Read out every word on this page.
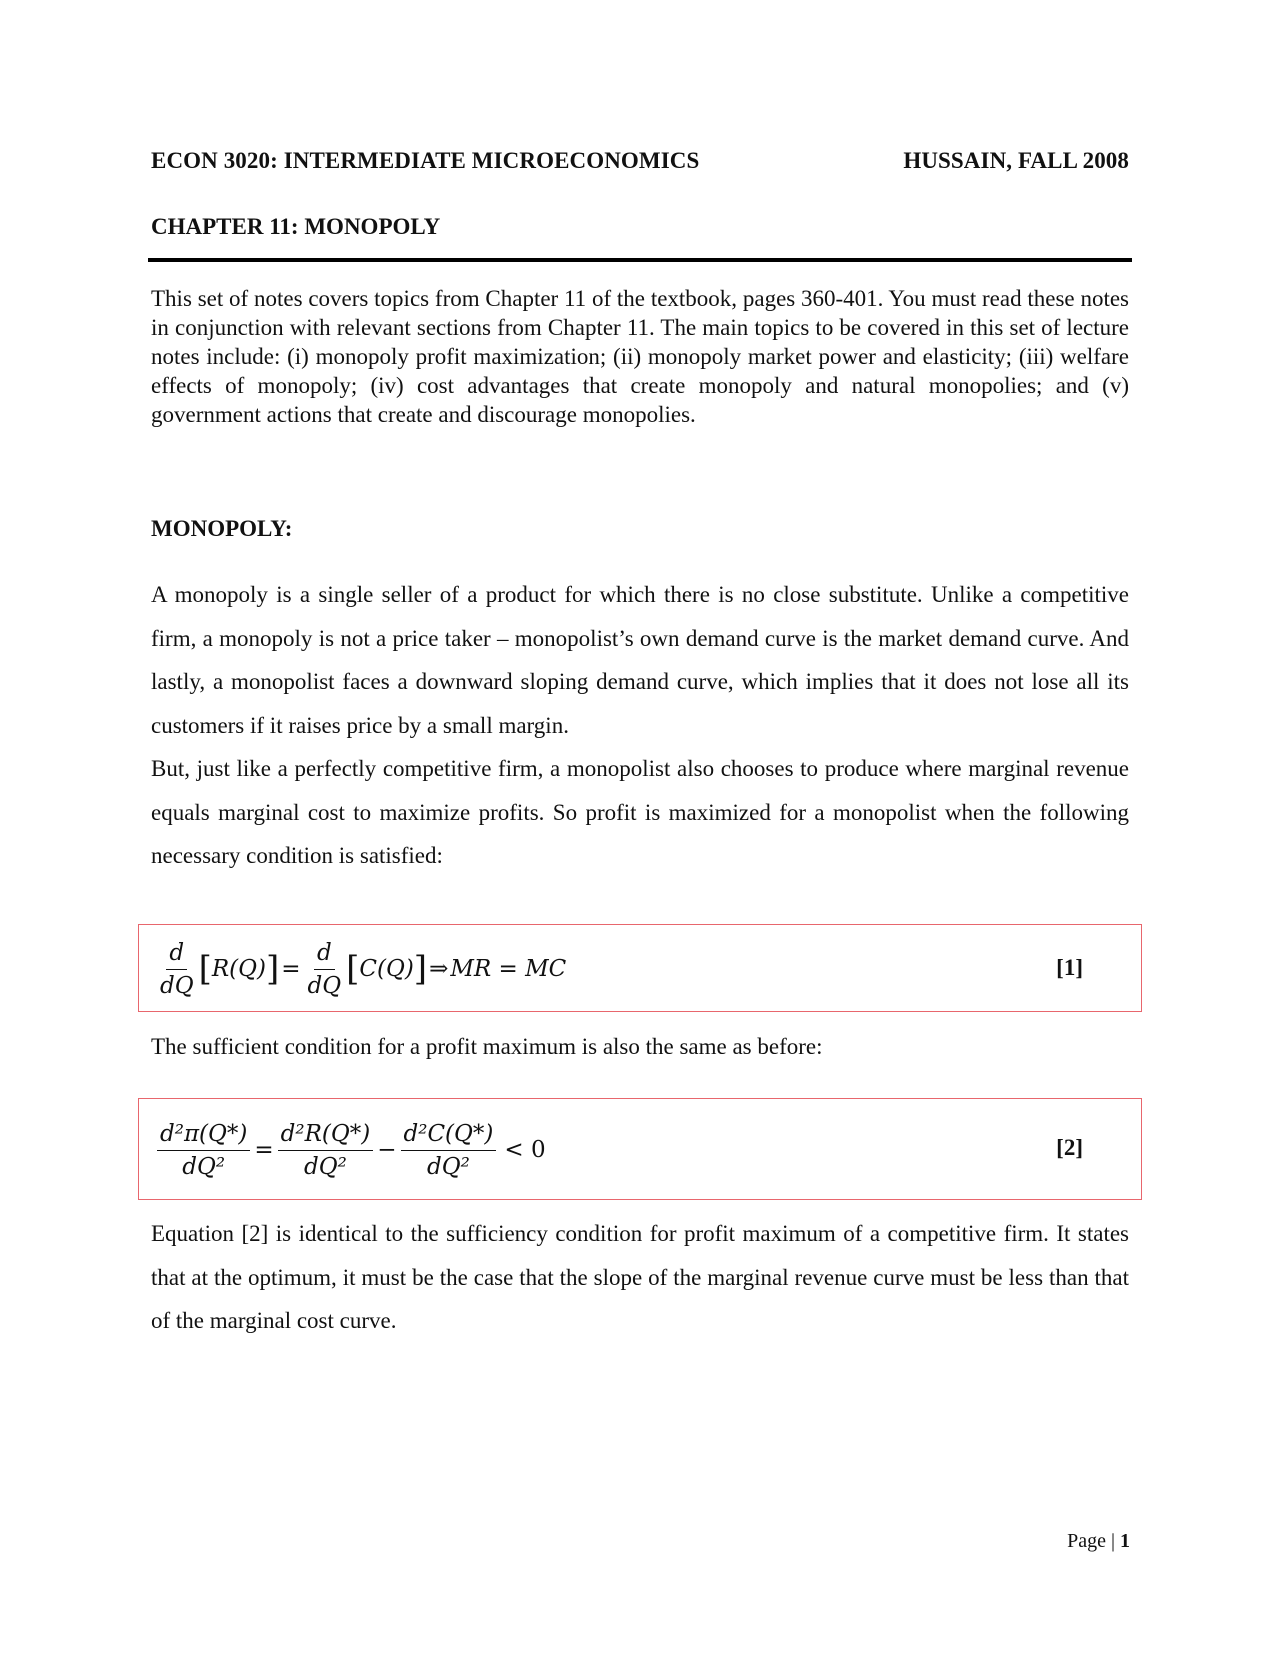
ECON 3020: INTERMEDIATE MICROECONOMICS	HUSSAIN, FALL 2008
CHAPTER 11: MONOPOLY
This set of notes covers topics from Chapter 11 of the textbook, pages 360-401. You must read these notes in conjunction with relevant sections from Chapter 11. The main topics to be covered in this set of lecture notes include: (i) monopoly profit maximization; (ii) monopoly market power and elasticity; (iii) welfare effects of monopoly; (iv) cost advantages that create monopoly and natural monopolies; and (v) government actions that create and discourage monopolies.
MONOPOLY:

A monopoly is a single seller of a product for which there is no close substitute. Unlike a competitive firm, a monopoly is not a price taker – monopolist’s own demand curve is the market demand curve. And lastly, a monopolist faces a downward sloping demand curve, which implies that it does not lose all its customers if it raises price by a small margin.

But, just like a perfectly competitive firm, a monopolist also chooses to produce where marginal revenue equals marginal cost to maximize profits. So profit is maximized for a monopolist when the following necessary condition is satisfied:

$\frac{d}{dQ}$ [ R(Q) ] = $\frac{d}{dQ}$ [ C(Q) ] ⇒ MR = MC	[1]

The sufficient condition for a profit maximum is also the same as before:

$\frac{\text{d²π(Q*)}}{\text{dQ²}} = \frac{\text{d²R(Q*)}}{\text{dQ²}} - \frac{\text{d²C(Q*)}}{\text{dQ²}} < 0$	[2]

Equation [2] is identical to the sufficiency condition for profit maximum of a competitive firm. It states that at the optimum, it must be the case that the slope of the marginal revenue curve must be less than that of the marginal cost curve.

Page | 1
